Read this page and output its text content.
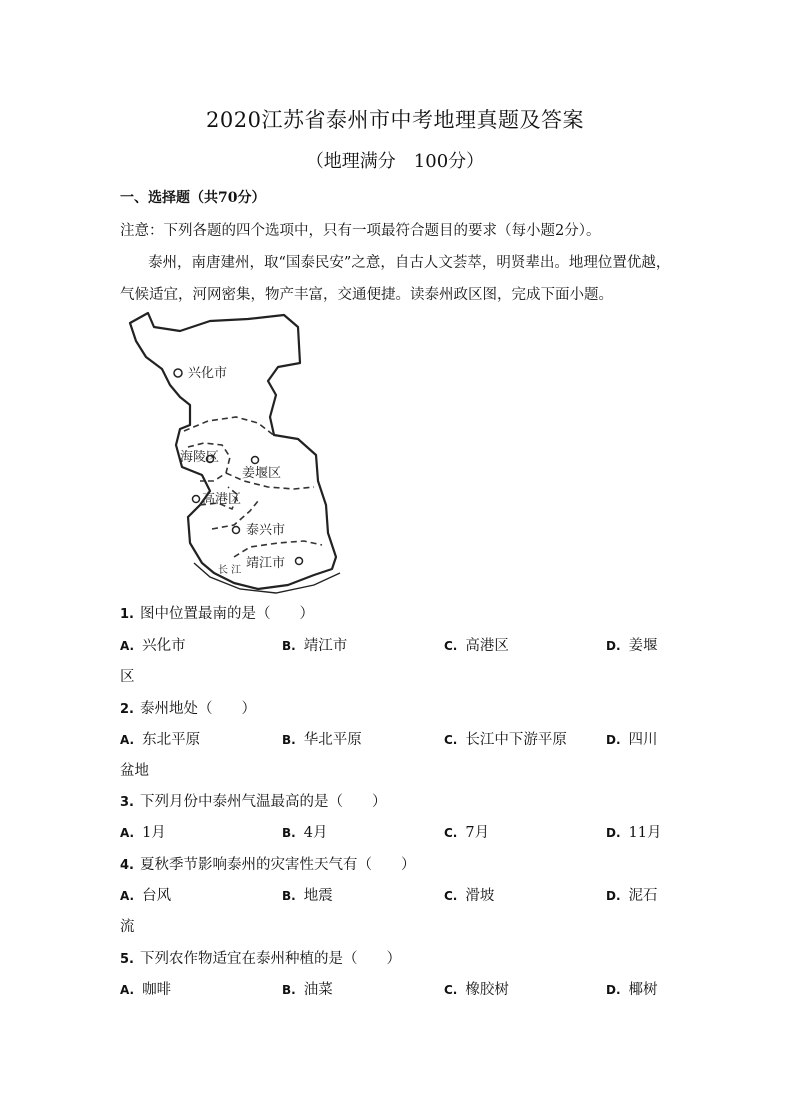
2020江苏省泰州市中考地理真题及答案
（地理满分　100分）
一、选择题（共70分）
注意：下列各题的四个选项中，只有一项最符合题目的要求（每小题2分）。
泰州，南唐建州，取“国泰民安”之意，自古人文荟萃，明贤辈出。地理位置优越，
气候适宜，河网密集，物产丰富，交通便捷。读泰州政区图，完成下面小题。
兴化市
海陵区
姜堰区
高港区
泰兴市
靖江市
长 江
1. 图中位置最南的是（　　）
A. 兴化市	B. 靖江市	C. 高港区	D. 姜堰
区
2. 泰州地处（　　）
A. 东北平原	B. 华北平原	C. 长江中下游平原	D. 四川
盆地
3. 下列月份中泰州气温最高的是（　　）
A. 1月	B. 4月	C. 7月	D. 11月
4. 夏秋季节影响泰州的灾害性天气有（　　）
A. 台风	B. 地震	C. 滑坡	D. 泥石
流
5. 下列农作物适宜在泰州种植的是（　　）
A. 咖啡	B. 油菜	C. 橡胶树	D. 椰树
